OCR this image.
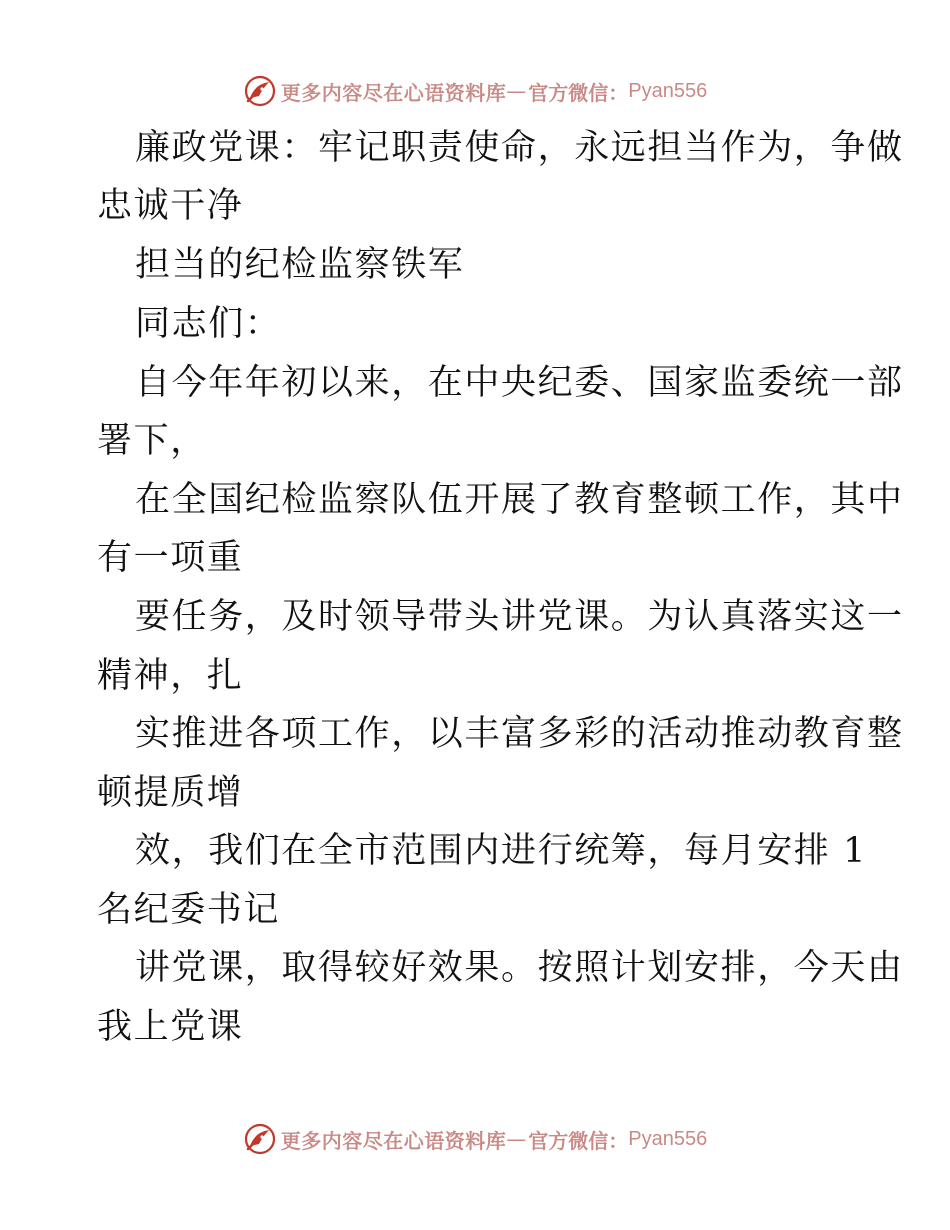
更多内容尽在心语资料库 — 官方微信： Pyan556
廉政党课：牢记职责使命，永远担当作为，争做
忠诚干净
担当的纪检监察铁军
同志们：
自今年年初以来，在中央纪委、国家监委统一部
署下，
在全国纪检监察队伍开展了教育整顿工作，其中
有一项重
要任务，及时领导带头讲党课。为认真落实这一
精神，扎
实推进各项工作，以丰富多彩的活动推动教育整
顿提质增
效，我们在全市范围内进行统筹，每月安排 1
名纪委书记
讲党课，取得较好效果。按照计划安排，今天由
我上党课
更多内容尽在心语资料库 — 官方微信： Pyan556
